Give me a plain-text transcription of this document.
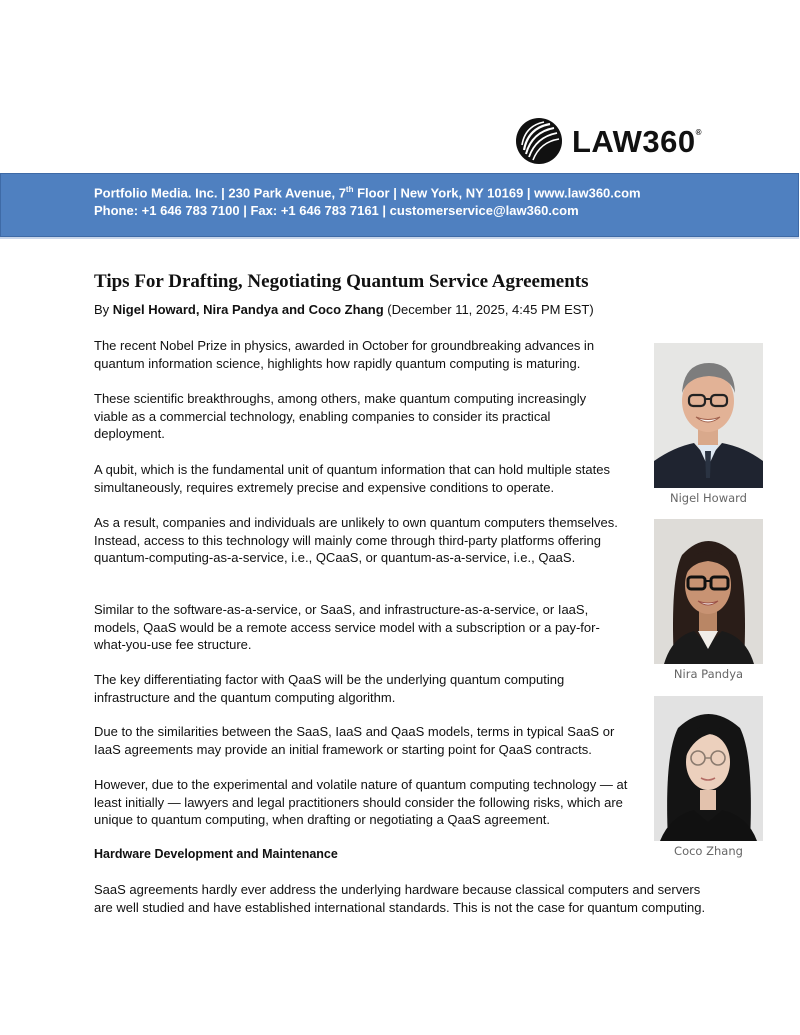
LAW360®
Portfolio Media. Inc. | 230 Park Avenue, 7th Floor | New York, NY 10169 | www.law360.com
Phone: +1 646 783 7100 | Fax: +1 646 783 7161 | customerservice@law360.com
Tips For Drafting, Negotiating Quantum Service Agreements
By Nigel Howard, Nira Pandya and Coco Zhang (December 11, 2025, 4:45 PM EST)

The recent Nobel Prize in physics, awarded in October for groundbreaking advances in quantum information science, highlights how rapidly quantum computing is maturing.

These scientific breakthroughs, among others, make quantum computing increasingly viable as a commercial technology, enabling companies to consider its practical deployment.

A qubit, which is the fundamental unit of quantum information that can hold multiple states simultaneously, requires extremely precise and expensive conditions to operate.

As a result, companies and individuals are unlikely to own quantum computers themselves. Instead, access to this technology will mainly come through third-party platforms offering quantum-computing-as-a-service, i.e., QCaaS, or quantum-as-a-service, i.e., QaaS.

Similar to the software-as-a-service, or SaaS, and infrastructure-as-a-service, or IaaS, models, QaaS would be a remote access service model with a subscription or a pay-for-what-you-use fee structure.

The key differentiating factor with QaaS will be the underlying quantum computing infrastructure and the quantum computing algorithm.

Due to the similarities between the SaaS, IaaS and QaaS models, terms in typical SaaS or IaaS agreements may provide an initial framework or starting point for QaaS contracts.

However, due to the experimental and volatile nature of quantum computing technology — at least initially — lawyers and legal practitioners should consider the following risks, which are unique to quantum computing, when drafting or negotiating a QaaS agreement.

Hardware Development and Maintenance

SaaS agreements hardly ever address the underlying hardware because classical computers and servers are well studied and have established international standards. This is not the case for quantum computing.

Nigel Howard
Nira Pandya
Coco Zhang
